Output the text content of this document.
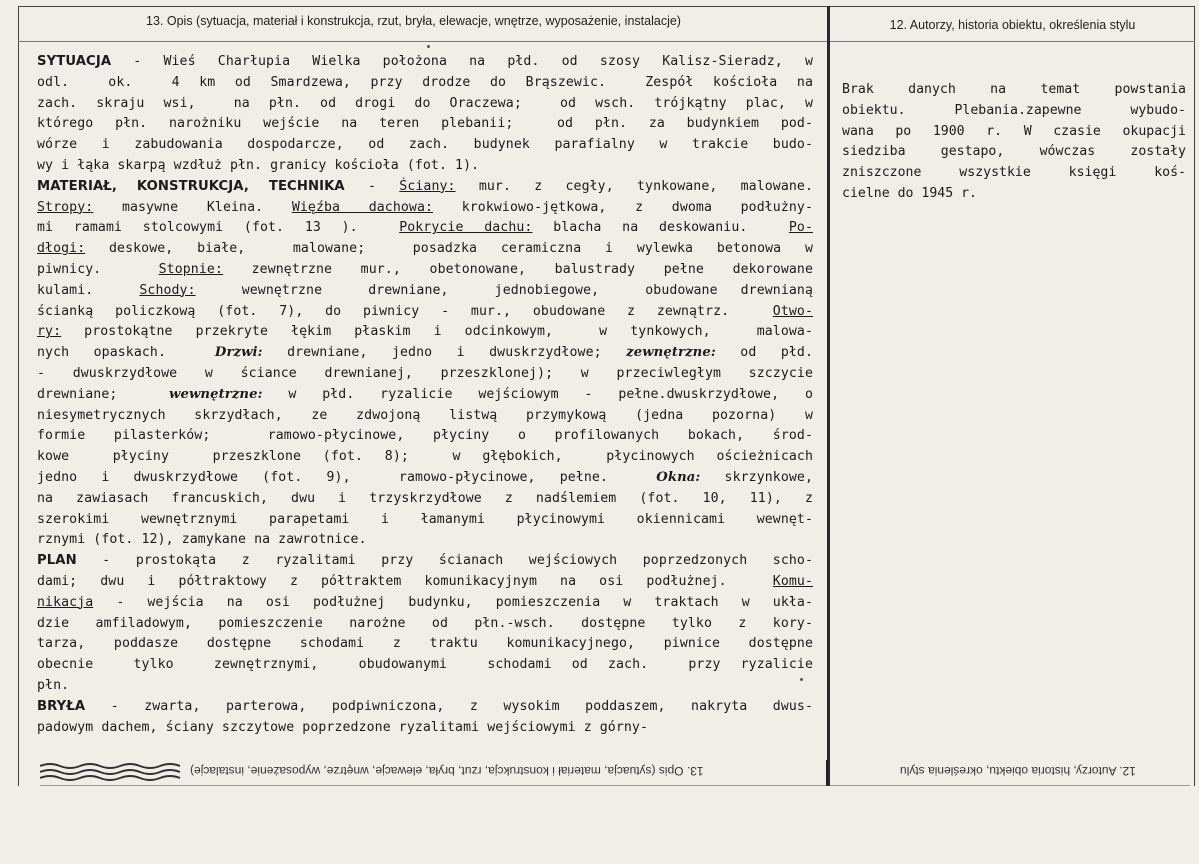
13. Opis (sytuacja, materiał i konstrukcja, rzut, bryła, elewacje, wnętrze, wyposażenie, instalacje)	12. Autorzy, historia obiektu, określenia stylu
SYTUACJA - Wieś Charłupia Wielka położona na płd. od szosy Kalisz-Sieradz, w
odl.  ok.  4 km od Smardzewa, przy drodze do Brąszewic.  Zespół kościoła na
zach. skraju wsi,  na płn. od drogi do Oraczewa;  od wsch. trójkątny plac, w
którego płn. narożniku wejście na teren plebanii;  od płn. za budynkiem pod-
wórze i zabudowania dospodarcze, od zach. budynek parafialny w trakcie budo-
wy i łąka skarpą wzdłuż płn. granicy kościoła (fot. 1).
MATERIAŁ, KONSTRUKCJA, TECHNIKA - Ściany: mur. z cegły, tynkowane, malowane.
Stropy: masywne Kleina. Więźba dachowa: krokwiowo-jętkowa, z dwoma podłużny-
mi ramami stolcowymi (fot. 13 ).  Pokrycie dachu: blacha na deskowaniu.  Po-
dłogi: deskowe, białe,  malowane;  posadzka ceramiczna i wylewka betonowa w
piwnicy.  Stopnie: zewnętrzne mur., obetonowane, balustrady pełne dekorowane
kulami.  Schody:  wewnętrzne  drewniane,  jednobiegowe,  obudowane drewnianą
ścianką policzkową (fot. 7), do piwnicy - mur., obudowane z zewnątrz.  Otwo-
ry: prostokątne przekryte łękim płaskim i odcinkowym,  w tynkowych,  malowa-
nych opaskach.  Drzwi: drewniane, jedno i dwuskrzydłowe; zewnętrzne: od płd.
- dwuskrzydłowe w ściance drewnianej, przeszklonej); w przeciwległym szczycie
drewniane;  wewnętrzne: w płd. ryzalicie wejściowym - pełne.dwuskrzydłowe, o
niesymetrycznych skrzydłach, ze zdwojoną listwą przymykową (jedna pozorna) w
formie pilasterków;  ramowo-płycinowe, płyciny o profilowanych bokach, środ-
kowe  płyciny  przeszklone (fot. 8);  w głębokich,  płycinowych ościeżnicach
jedno i dwuskrzydłowe (fot. 9),  ramowo-płycinowe, pełne.  Okna: skrzynkowe,
na zawiasach francuskich, dwu i trzyskrzydłowe z nadślemiem (fot. 10, 11), z
szerokimi wewnętrznymi parapetami i łamanymi płycinowymi okiennicami wewnęt-
rznymi (fot. 12), zamykane na zawrotnice.
PLAN - prostokąta z ryzalitami przy ścianach wejściowych poprzedzonych scho-
dami; dwu i półtraktowy z półtraktem komunikacyjnym na osi podłużnej.  Komu-
nikacja - wejścia na osi podłużnej budynku, pomieszczenia w traktach w ukła-
dzie amfiladowym, pomieszczenie narożne od płn.-wsch. dostępne tylko z kory-
tarza, poddasze dostępne schodami z traktu komunikacyjnego, piwnice dostępne
obecnie  tylko  zewnętrznymi,  obudowanymi  schodami od zach.  przy ryzalicie
płn.
BRYŁA - zwarta, parterowa, podpiwniczona, z wysokim poddaszem, nakryta dwus-
padowym dachem, ściany szczytowe poprzedzone ryzalitami wejściowymi z górny-
Brak danych na temat powstania
obiektu. Plebania.zapewne wybudo-
wana po 1900 r. W czasie okupacji
siedziba gestapo, wówczas zostały
zniszczone wszystkie księgi koś-
cielne do 1945 r.
13. Opis (sytuacja, materiał i konstrukcja, rzut, bryła, elewacje, wnętrze, wyposażenie, instalacje)	12. Autorzy, historia obiektu, określenia stylu
